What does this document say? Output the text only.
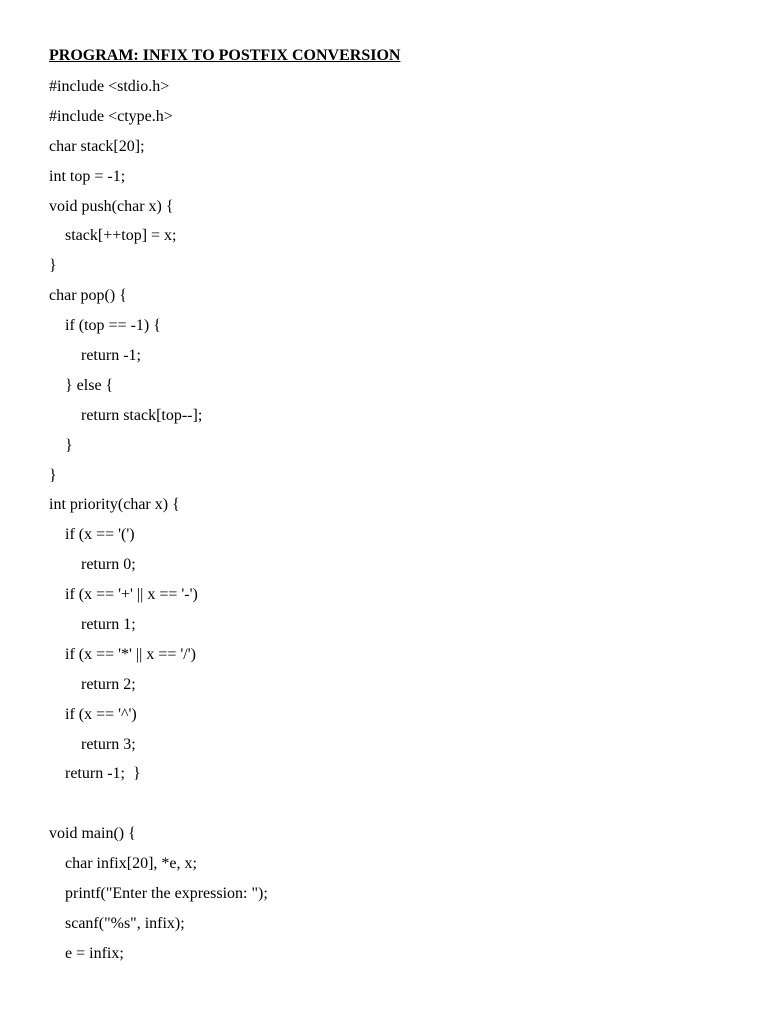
PROGRAM: INFIX TO POSTFIX CONVERSION
#include <stdio.h>
#include <ctype.h>
char stack[20];
int top = -1;
void push(char x) {
stack[++top] = x;
}
char pop() {
if (top == -1) {
return -1;
} else {
return stack[top--];
}
}
int priority(char x) {
if (x == '(')
return 0;
if (x == '+' || x == '-')
return 1;
if (x == '*' || x == '/')
return 2;
if (x == '^')
return 3;
return -1;  }
void main() {
char infix[20], *e, x;
printf("Enter the expression: ");
scanf("%s", infix);
e = infix;
